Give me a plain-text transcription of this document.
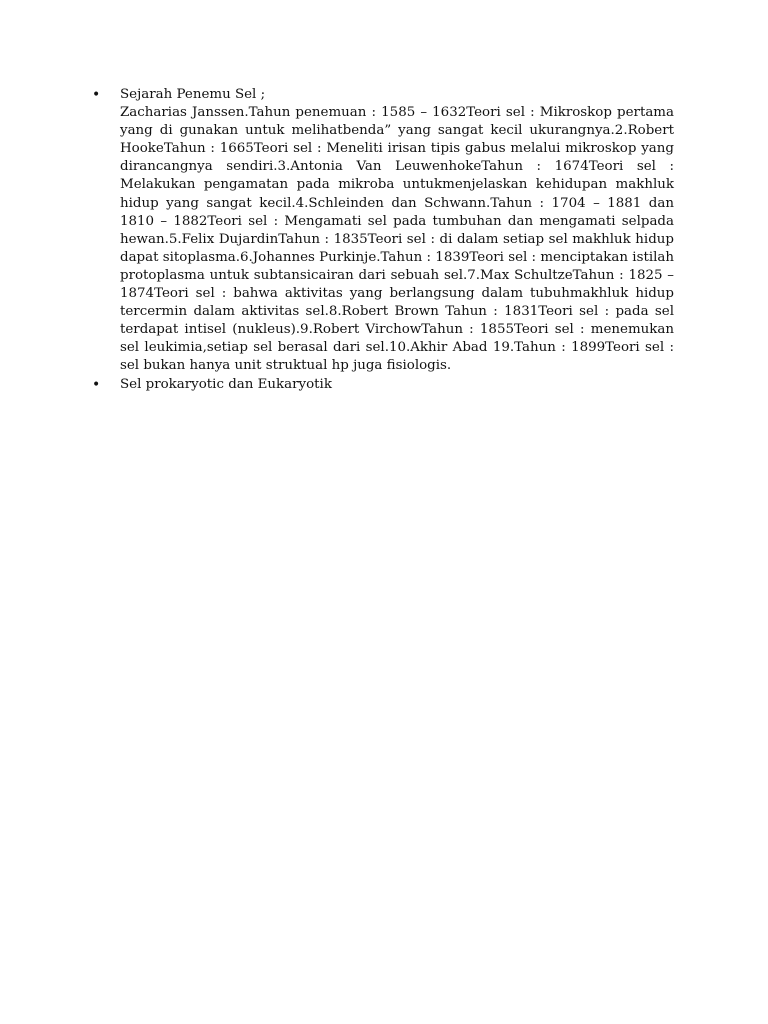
• Sejarah Penemu Sel ;
Zacharias Janssen.Tahun penemuan : 1585 – 1632Teori sel : Mikroskop pertama yang di gunakan untuk melihatbenda” yang sangat kecil ukurangnya.2.Robert HookeTahun : 1665Teori sel : Meneliti irisan tipis gabus melalui mikroskop yang dirancangnya sendiri.3.Antonia Van LeuwenhokeTahun : 1674Teori sel : Melakukan pengamatan pada mikroba untukmenjelaskan kehidupan makhluk hidup yang sangat kecil.4.Schleinden dan Schwann.Tahun : 1704 – 1881 dan 1810 – 1882Teori sel : Mengamati sel pada tumbuhan dan mengamati selpada hewan.5.Felix DujardinTahun : 1835Teori sel : di dalam setiap sel makhluk hidup dapat sitoplasma.6.Johannes Purkinje.Tahun : 1839Teori sel : menciptakan istilah protoplasma untuk subtansicairan dari sebuah sel.7.Max SchultzeTahun : 1825 – 1874Teori sel : bahwa aktivitas yang berlangsung dalam tubuhmakhluk hidup tercermin dalam aktivitas sel.8.Robert Brown Tahun : 1831Teori sel : pada sel terdapat intisel (nukleus).9.Robert VirchowTahun : 1855Teori sel : menemukan sel leukimia,setiap sel berasal dari sel.10.Akhir Abad 19.Tahun : 1899Teori sel : sel bukan hanya unit struktual hp juga fisiologis.
• Sel prokaryotic dan Eukaryotik
